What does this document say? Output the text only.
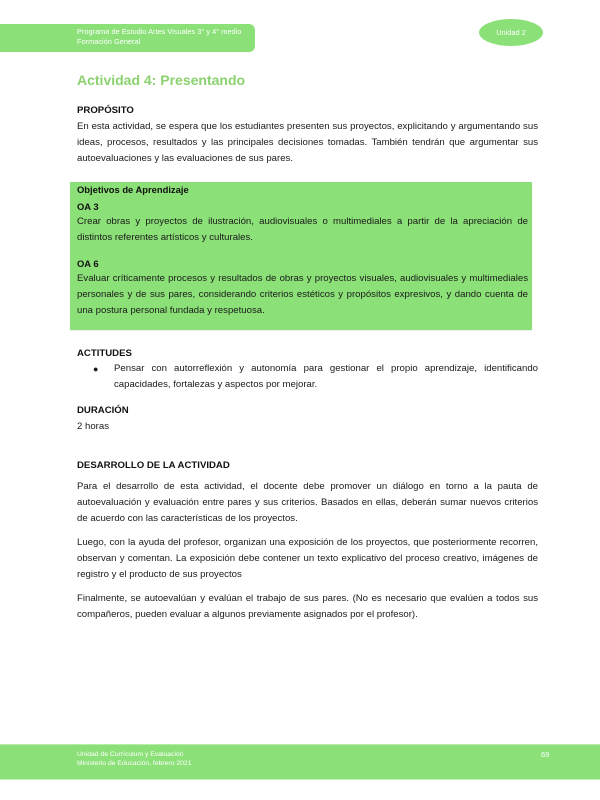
Programa de Estudio Artes Visuales 3° y 4° medio
Formación General
Unidad 2
Actividad 4: Presentando
PROPÓSITO

En esta actividad, se espera que los estudiantes presenten sus proyectos, explicitando y argumentando sus ideas, procesos, resultados y las principales decisiones tomadas. También tendrán que argumentar sus autoevaluaciones y las evaluaciones de sus pares.

Objetivos de Aprendizaje
OA 3

Crear obras y proyectos de ilustración, audiovisuales o multimediales a partir de la apreciación de distintos referentes artísticos y culturales.

OA 6

Evaluar críticamente procesos y resultados de obras y proyectos visuales, audiovisuales y multimediales personales y de sus pares, considerando criterios estéticos y propósitos expresivos, y dando cuenta de una postura personal fundada y respetuosa.

ACTITUDES
● Pensar con autorreflexión y autonomía para gestionar el propio aprendizaje, identificando capacidades, fortalezas y aspectos por mejorar.
DURACIÓN

2 horas

DESARROLLO DE LA ACTIVIDAD

Para el desarrollo de esta actividad, el docente debe promover un diálogo en torno a la pauta de autoevaluación y evaluación entre pares y sus criterios. Basados en ellas, deberán sumar nuevos criterios de acuerdo con las características de los proyectos.

Luego, con la ayuda del profesor, organizan una exposición de los proyectos, que posteriormente recorren, observan y comentan. La exposición debe contener un texto explicativo del proceso creativo, imágenes de registro y el producto de sus proyectos

Finalmente, se autoevalúan y evalúan el trabajo de sus pares. (No es necesario que evalúen a todos sus compañeros, pueden evaluar a algunos previamente asignados por el profesor).

Unidad de Currículum y Evaluación
Ministerio de Educación, febrero 2021
69
